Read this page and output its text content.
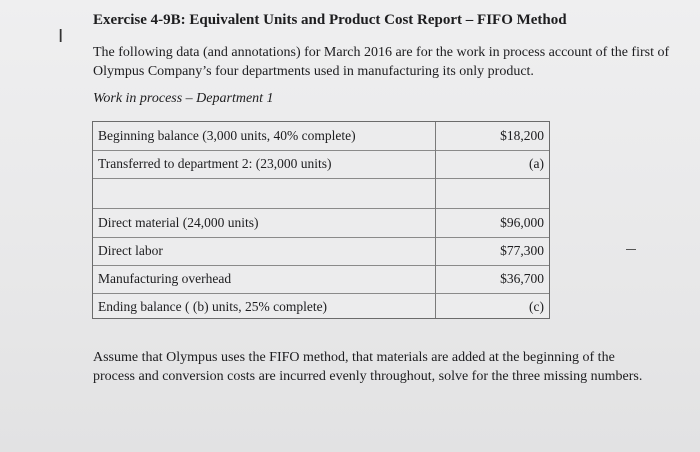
I
Exercise 4-9B: Equivalent Units and Product Cost Report – FIFO Method
The following data (and annotations) for March 2016 are for the work in process account of the first of Olympus Company’s four departments used in manufacturing its only product.
Work in process – Department 1
Beginning balance (3,000 units, 40% complete)	$18,200
Transferred to department 2: (23,000 units)	(a)
Direct material (24,000 units)	$96,000
Direct labor	$77,300
Manufacturing overhead	$36,700
Ending balance ( (b) units, 25% complete)	(c)
Assume that Olympus uses the FIFO method, that materials are added at the beginning of the process and conversion costs are incurred evenly throughout, solve for the three missing numbers.
